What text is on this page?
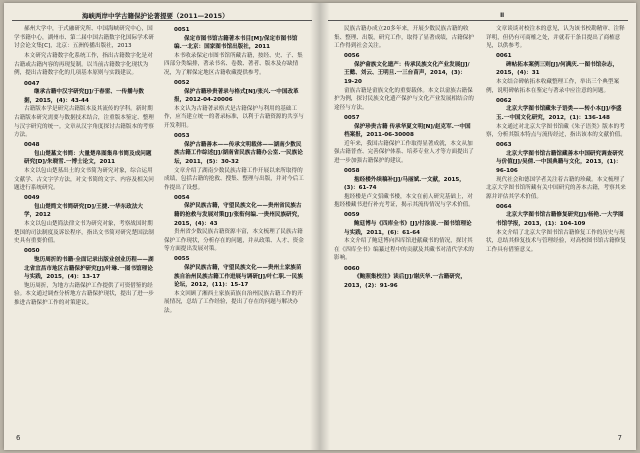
海峡两岸中学古籍保护论著提要（2011—2015）

郝州大学中，于式融研究所、中国海峡研究中心，国学书籍中心，湖州市、第二届中国古籍数字化国际学术研讨会论文集[C]，北京：五洲传播出版社，2013

本文研究古籍数字化系统工作，指出古籍数字化是对古籍或古籍内容的再现复制。以当前古籍数字化现状为例，提出古籍数字化的几项基本原则与实践建议。

0047

继承古籍中汉字研究[J]/于春雷、一传播与数据，2015，(4)：43-44

古籍版本学是研究古籍版本及其流传的学科。新时期古籍版本研究需要与数据技术结合，注重版本鉴定、整理与汉字研究的统一。文章从汉字角度探讨古籍版本的考察方法。

0048

包山楚墓文书简：大量楚帛图集帛书简及成问题研究[D]/朱晓雪.一博士论文，2011

本文以包山楚墓出土的文书简为研究对象，综合运用文献学、古文字学方法，对文书简的文字、内容及相关问题进行系统研究。

0049

包山楚简文书简研究[D]/王捷.一华东政法大学，2012

本文以包山楚简法律文书为研究对象，考察战国时期楚国的司法制度及诉讼程序，指出文书简对研究楚国法制史具有重要价值。

0050

饱历周折的书籍·全面记录出版业创业历程——湖北省宜昌市地区古籍保护研究[J]/叶琳.一图书馆理论与实践，2015，(4)：13-17

饱历周折，为地方古籍保护工作提供了可资借鉴的经验。本文通过调查分析地方古籍保护现状，提出了进一步推进古籍保护工作的对策建议。

0051

保定市图书馆古籍著本书目[M]/保定市图书馆编.一北京：国家图书馆出版社，2011

本书收录保定市图书馆所藏古籍，按经、史、子、集四部分类编排，著录书名、卷数、著者、版本及存缺情况，为了解保定地区古籍收藏提供参考。

0052

保护古籍珍贵著录与格式[N]/张兴.一中国改革报，2012-04-20006

本文认为古籍著录格式是古籍保护与利用的基础工作，应当建立统一的著录标准，以利于古籍资源的共享与开发利用。

0053

保护古籍善本——传承文明载体——湖南少数民族古籍工作综述[J]/湖南省民族古籍办公室.一民族论坛，2011，(5)：30-32

文章介绍了湖南少数民族古籍工作开展以来所取得的成绩，包括古籍的抢救、搜集、整理与出版，并对今后工作提出了设想。

0054

保护民族古籍，守望民族文化——贵州省民族古籍的抢救与发展对策[J]/张衔何编.一贵州民族研究，2015，(4)：43

贵州省少数民族古籍资源丰富，本文梳理了民族古籍保护工作现状，分析存在的问题，并从政策、人才、资金等方面提出发展对策。

0055

保护民族古籍，守望民族文化——贵州土家族苗族自治州民族古籍工作进展与调研[J]/叶仁职.一民族论坛，2012，(11)：15-17

本文回顾了湘西土家族苗族自治州民族古籍工作的开展情况，总结了工作经验，提出了存在的问题与解决办法。

6
Ⅱ

民族古籍办成立20多年来，开展少数民族古籍的收集、整理、出版，研究工作，取得了显著成绩，古籍保护工作得到社会关注。

0056

保护畲族文化遗产：传承民族文化产业发展[J]/王懿、刘云、王明旦.一三台苗声，2014，(3)：19-20

畲族古籍是畲族文化的重要载体。本文以畲族古籍保护为例，探讨民族文化遗产保护与文化产业发展相结合的途径与方法。

0057

保护珍贵古籍 传承华夏文明[N]/赵克军.一中国档案报，2011-06-30008

近年来，我国古籍保护工作取得显著成就，本文从加强古籍普查、完善保护体系、培养专业人才等方面提出了进一步加强古籍保护的建议。

0058

抱经楼外续稿补[J]/马丽斌.一文献，2015，(3)：61-74

抱经楼是卢文弨藏书楼，本文在前人研究基础上，对抱经楼藏书进行补充考证，揭示其流传情况与学术价值。

0059

鲍廷博与《四库全书》[J]/付涂凌.一图书馆理论与实践，2011，(6)：61-64

本文介绍了鲍廷博向四库馆进献藏书的情况，探讨其在《四库全书》编纂过程中的贡献及其藏书对清代学术的影响。

0060

《鲍照集校注》读后[J]/谢庆华.一古籍研究，2013，(2)：91-96

文章谈谈对校注本的意见，认为该书校勘精审、注释详明，但仍有可商榷之处，并就若干条目提出了商榷意见，以供参考。

0061

碑帖拓本案例三则[J]/何满庆.一图书馆杂志，2015，(4)：31

本文结合碑帖拓本收藏整理工作，举出三个典型案例，说明碑帖拓本在鉴定与著录中应注意的问题。

0062

北京大学图书馆藏朱子语类——转小本[J]/李盛玉.一中国文化研究，2012，(1)：136-148

本文通过对北京大学图书馆藏《朱子语类》版本的考察，分析其版本特点与流传经过，指出该本的文献价值。

0063

北京大学图书馆古籍馆藏善本中国研究调查研究与价值[J]/吴倩.一中国典籍与文化，2013，(1)：96-106

现代社会和德国学者关注着古籍的珍藏。本文梳理了北京大学图书馆所藏有关中国研究的善本古籍，考察其来源并评估其学术价值。

0064

北京大学图书馆古籍修复研究[J]/杨艳.一大学图书馆学报，2013，(1)：104-109

本文介绍了北京大学图书馆古籍修复工作的历史与现状，总结其修复技术与管理经验，对高校图书馆古籍修复工作具有借鉴意义。

7
